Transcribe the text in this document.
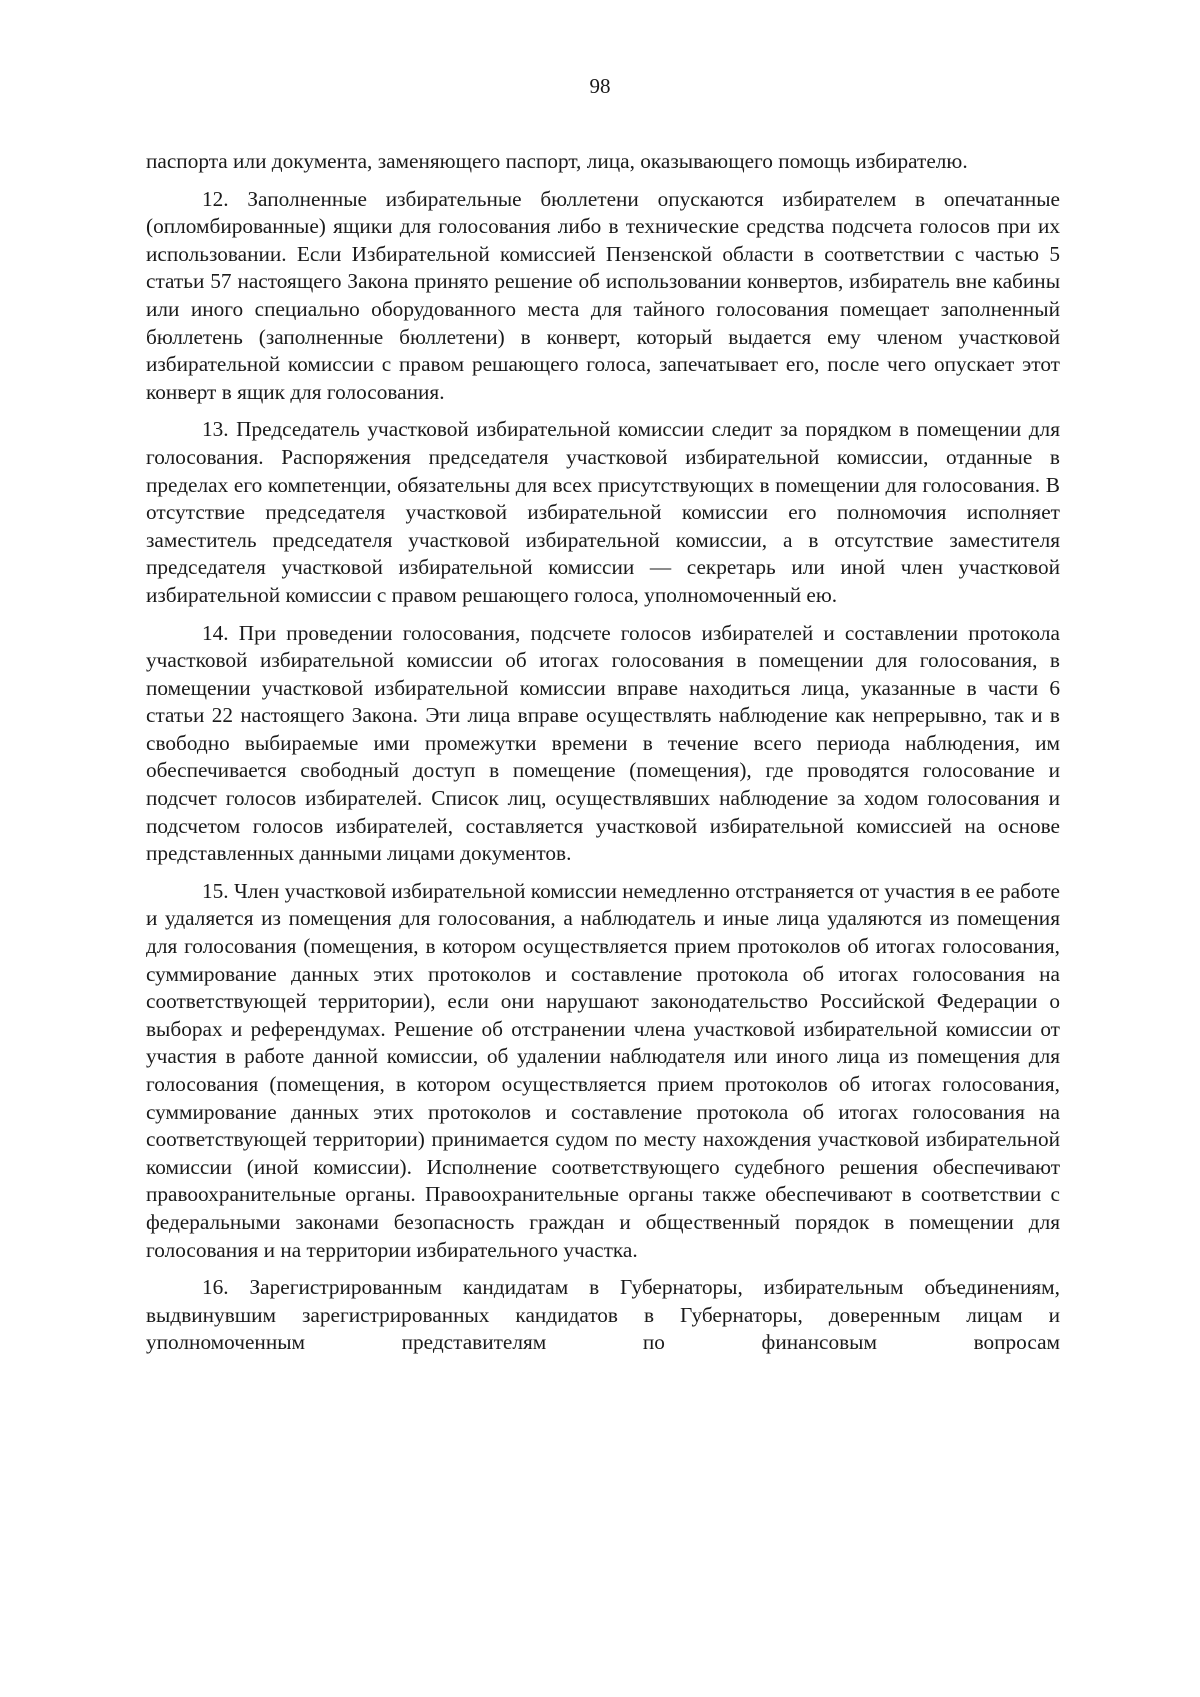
98

паспорта или документа, заменяющего паспорт, лица, оказывающего помощь избирателю.

12. Заполненные избирательные бюллетени опускаются избирателем в опечатанные (опломбированные) ящики для голосования либо в технические средства подсчета голосов при их использовании. Если Избирательной комиссией Пензенской области в соответствии с частью 5 статьи 57 настоящего Закона принято решение об использовании конвертов, избиратель вне кабины или иного специально оборудованного места для тайного голосования помещает заполненный бюллетень (заполненные бюллетени) в конверт, который выдается ему членом участковой избирательной комиссии с правом решающего голоса, запечатывает его, после чего опускает этот конверт в ящик для голосования.

13. Председатель участковой избирательной комиссии следит за порядком в помещении для голосования. Распоряжения председателя участковой избирательной комиссии, отданные в пределах его компетенции, обязательны для всех присутствующих в помещении для голосования. В отсутствие председателя участковой избирательной комиссии его полномочия исполняет заместитель председателя участковой избирательной комиссии, а в отсутствие заместителя председателя участковой избирательной комиссии — секретарь или иной член участковой избирательной комиссии с правом решающего голоса, уполномоченный ею.

14. При проведении голосования, подсчете голосов избирателей и составлении протокола участковой избирательной комиссии об итогах голосования в помещении для голосования, в помещении участковой избирательной комиссии вправе находиться лица, указанные в части 6 статьи 22 настоящего Закона. Эти лица вправе осуществлять наблюдение как непрерывно, так и в свободно выбираемые ими промежутки времени в течение всего периода наблюдения, им обеспечивается свободный доступ в помещение (помещения), где проводятся голосование и подсчет голосов избирателей. Список лиц, осуществлявших наблюдение за ходом голосования и подсчетом голосов избирателей, составляется участковой избирательной комиссией на основе представленных данными лицами документов.

15. Член участковой избирательной комиссии немедленно отстраняется от участия в ее работе и удаляется из помещения для голосования, а наблюдатель и иные лица удаляются из помещения для голосования (помещения, в котором осуществляется прием протоколов об итогах голосования, суммирование данных этих протоколов и составление протокола об итогах голосования на соответствующей территории), если они нарушают законодательство Российской Федерации о выборах и референдумах. Решение об отстранении члена участковой избирательной комиссии от участия в работе данной комиссии, об удалении наблюдателя или иного лица из помещения для голосования (помещения, в котором осуществляется прием протоколов об итогах голосования, суммирование данных этих протоколов и составление протокола об итогах голосования на соответствующей территории) принимается судом по месту нахождения участковой избирательной комиссии (иной комиссии). Исполнение соответствующего судебного решения обеспечивают правоохранительные органы. Правоохранительные органы также обеспечивают в соответствии с федеральными законами безопасность граждан и общественный порядок в помещении для голосования и на территории избирательного участка.

16. Зарегистрированным кандидатам в Губернаторы, избирательным объединениям, выдвинувшим зарегистрированных кандидатов в Губернаторы, доверенным лицам и уполномоченным представителям по финансовым вопросам
